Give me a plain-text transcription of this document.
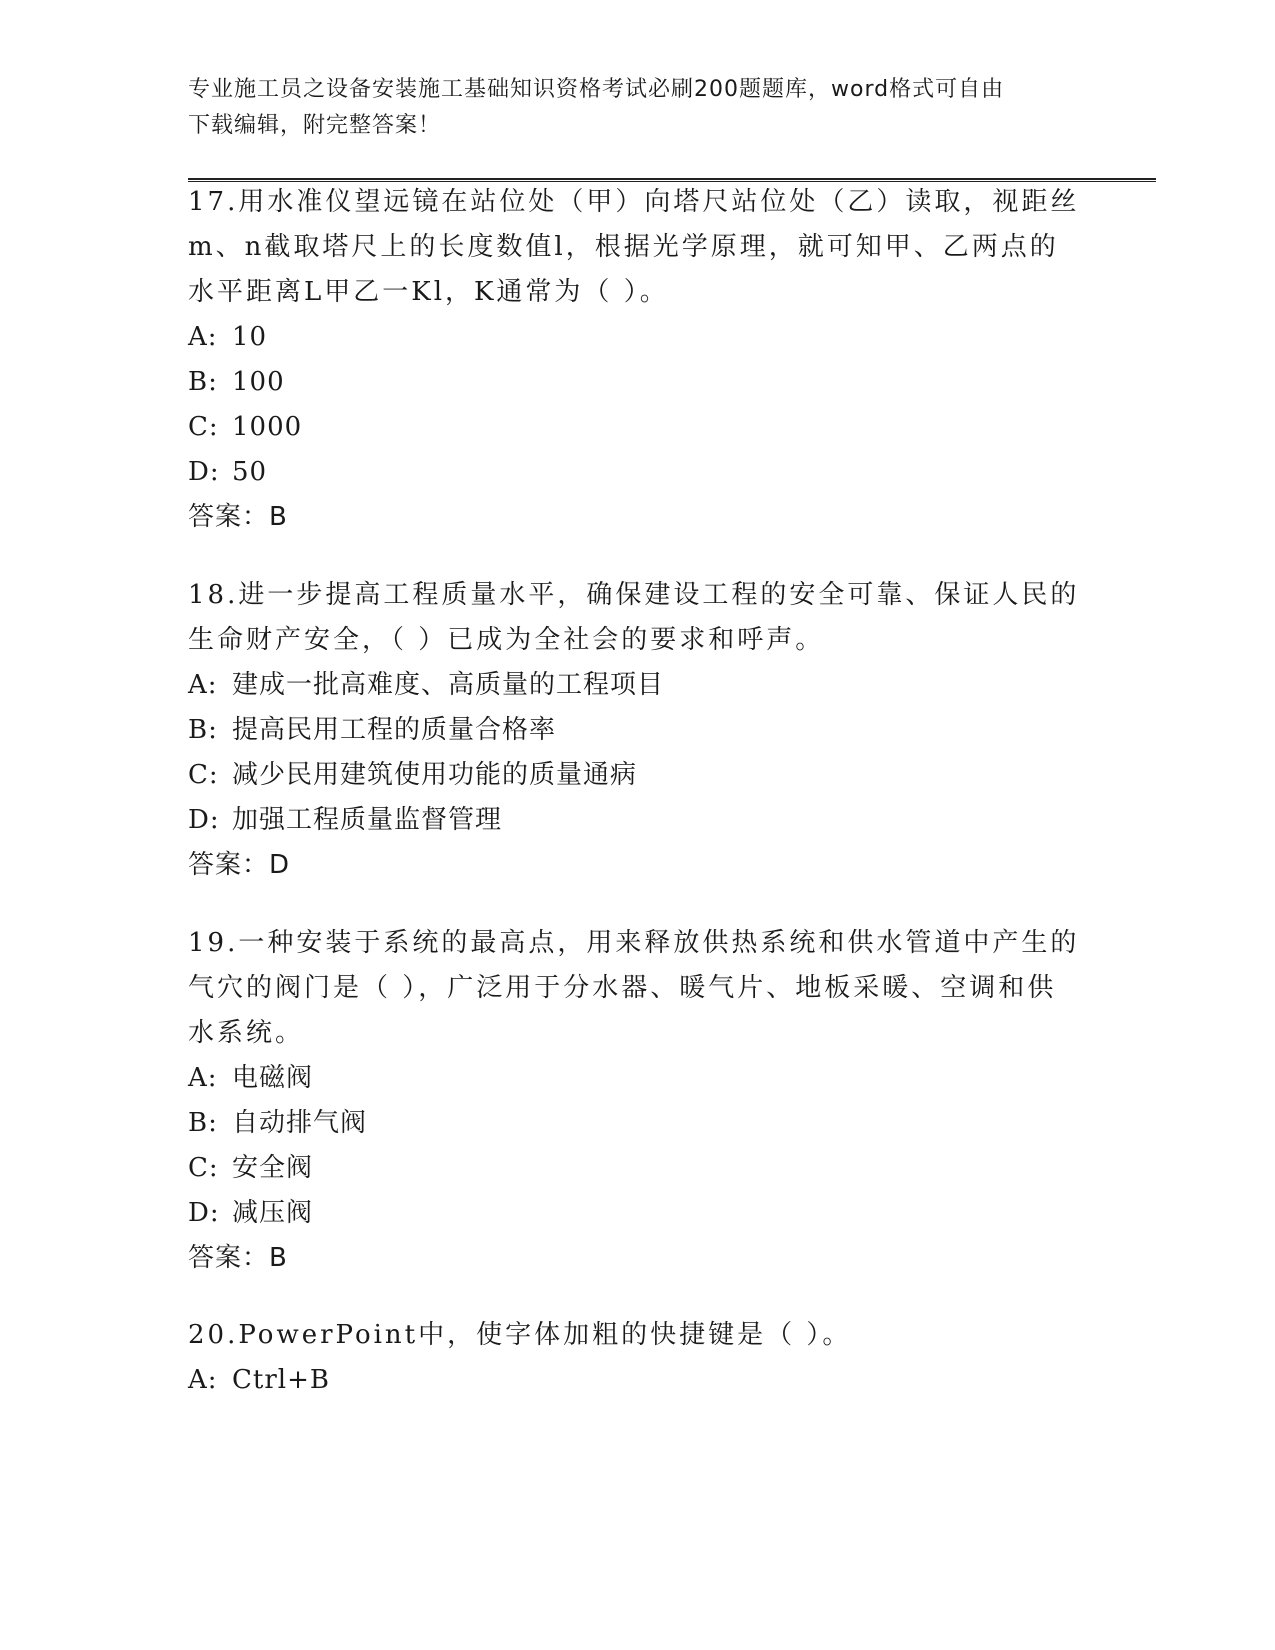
专业施工员之设备安装施工基础知识资格考试必刷200题题库，word格式可自由
下载编辑，附完整答案！

17.用水准仪望远镜在站位处（甲）向塔尺站位处（乙）读取，视距丝

m、n截取塔尺上的长度数值l，根据光学原理，就可知甲、乙两点的

水平距离L甲乙一Kl，K通常为（ ）。

A: 10

B: 100

C: 1000

D: 50

答案：B

18.进一步提高工程质量水平，确保建设工程的安全可靠、保证人民的

生命财产安全，（ ）已成为全社会的要求和呼声。

A: 建成一批高难度、高质量的工程项目

B: 提高民用工程的质量合格率

C: 减少民用建筑使用功能的质量通病

D: 加强工程质量监督管理

答案：D

19.一种安装于系统的最高点，用来释放供热系统和供水管道中产生的

气穴的阀门是（ ），广泛用于分水器、暖气片、地板采暖、空调和供

水系统。

A: 电磁阀

B: 自动排气阀

C: 安全阀

D: 减压阀

答案：B

20.PowerPoint中，使字体加粗的快捷键是（ ）。

A: Ctrl+B
